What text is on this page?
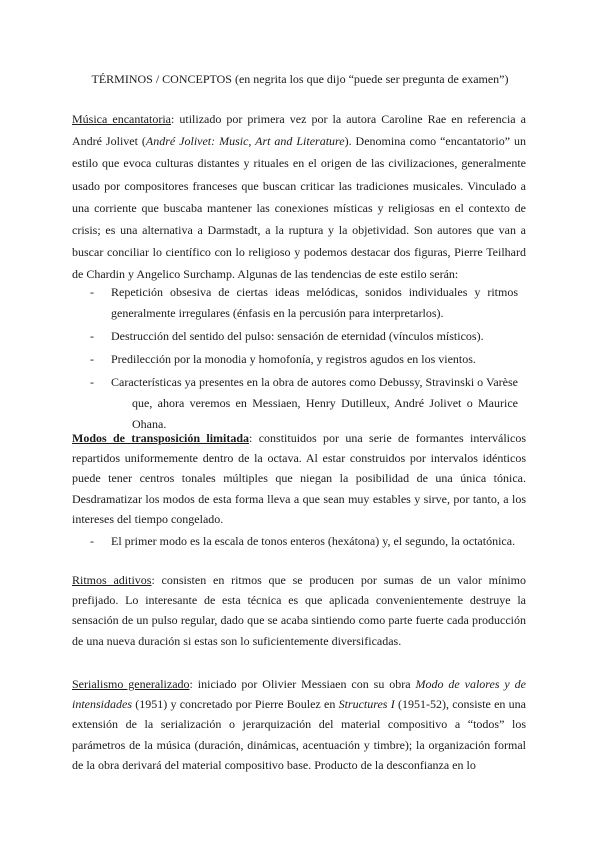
TÉRMINOS / CONCEPTOS (en negrita los que dijo “puede ser pregunta de examen”)

Música encantatoria: utilizado por primera vez por la autora Caroline Rae en referencia a André Jolivet (André Jolivet: Music, Art and Literature). Denomina como “encantatorio” un estilo que evoca culturas distantes y rituales en el origen de las civilizaciones, generalmente usado por compositores franceses que buscan criticar las tradiciones musicales. Vinculado a una corriente que buscaba mantener las conexiones místicas y religiosas en el contexto de crisis; es una alternativa a Darmstadt, a la ruptura y la objetividad. Son autores que van a buscar conciliar lo científico con lo religioso y podemos destacar dos figuras, Pierre Teilhard de Chardin y Angelico Surchamp. Algunas de las tendencias de este estilo serán:

- Repetición obsesiva de ciertas ideas melódicas, sonidos individuales y ritmos generalmente irregulares (énfasis en la percusión para interpretarlos).
- Destrucción del sentido del pulso: sensación de eternidad (vínculos místicos).
- Predilección por la monodia y homofonía, y registros agudos en los vientos.
- Características ya presentes en la obra de autores como Debussy, Stravinski o Varèse que, ahora veremos en Messiaen, Henry Dutilleux, André Jolivet o Maurice Ohana.

Modos de transposición limitada: constituidos por una serie de formantes interválicos repartidos uniformemente dentro de la octava. Al estar construidos por intervalos idénticos puede tener centros tonales múltiples que niegan la posibilidad de una única tónica. Desdramatizar los modos de esta forma lleva a que sean muy estables y sirve, por tanto, a los intereses del tiempo congelado.

- El primer modo es la escala de tonos enteros (hexátona) y, el segundo, la octatónica.

Ritmos aditivos: consisten en ritmos que se producen por sumas de un valor mínimo prefijado. Lo interesante de esta técnica es que aplicada convenientemente destruye la sensación de un pulso regular, dado que se acaba sintiendo como parte fuerte cada producción de una nueva duración si estas son lo suficientemente diversificadas.

Serialismo generalizado: iniciado por Olivier Messiaen con su obra Modo de valores y de intensidades (1951) y concretado por Pierre Boulez en Structures I (1951-52), consiste en una extensión de la serialización o jerarquización del material compositivo a “todos” los parámetros de la música (duración, dinámicas, acentuación y timbre); la organización formal de la obra derivará del material compositivo base. Producto de la desconfianza en lo
